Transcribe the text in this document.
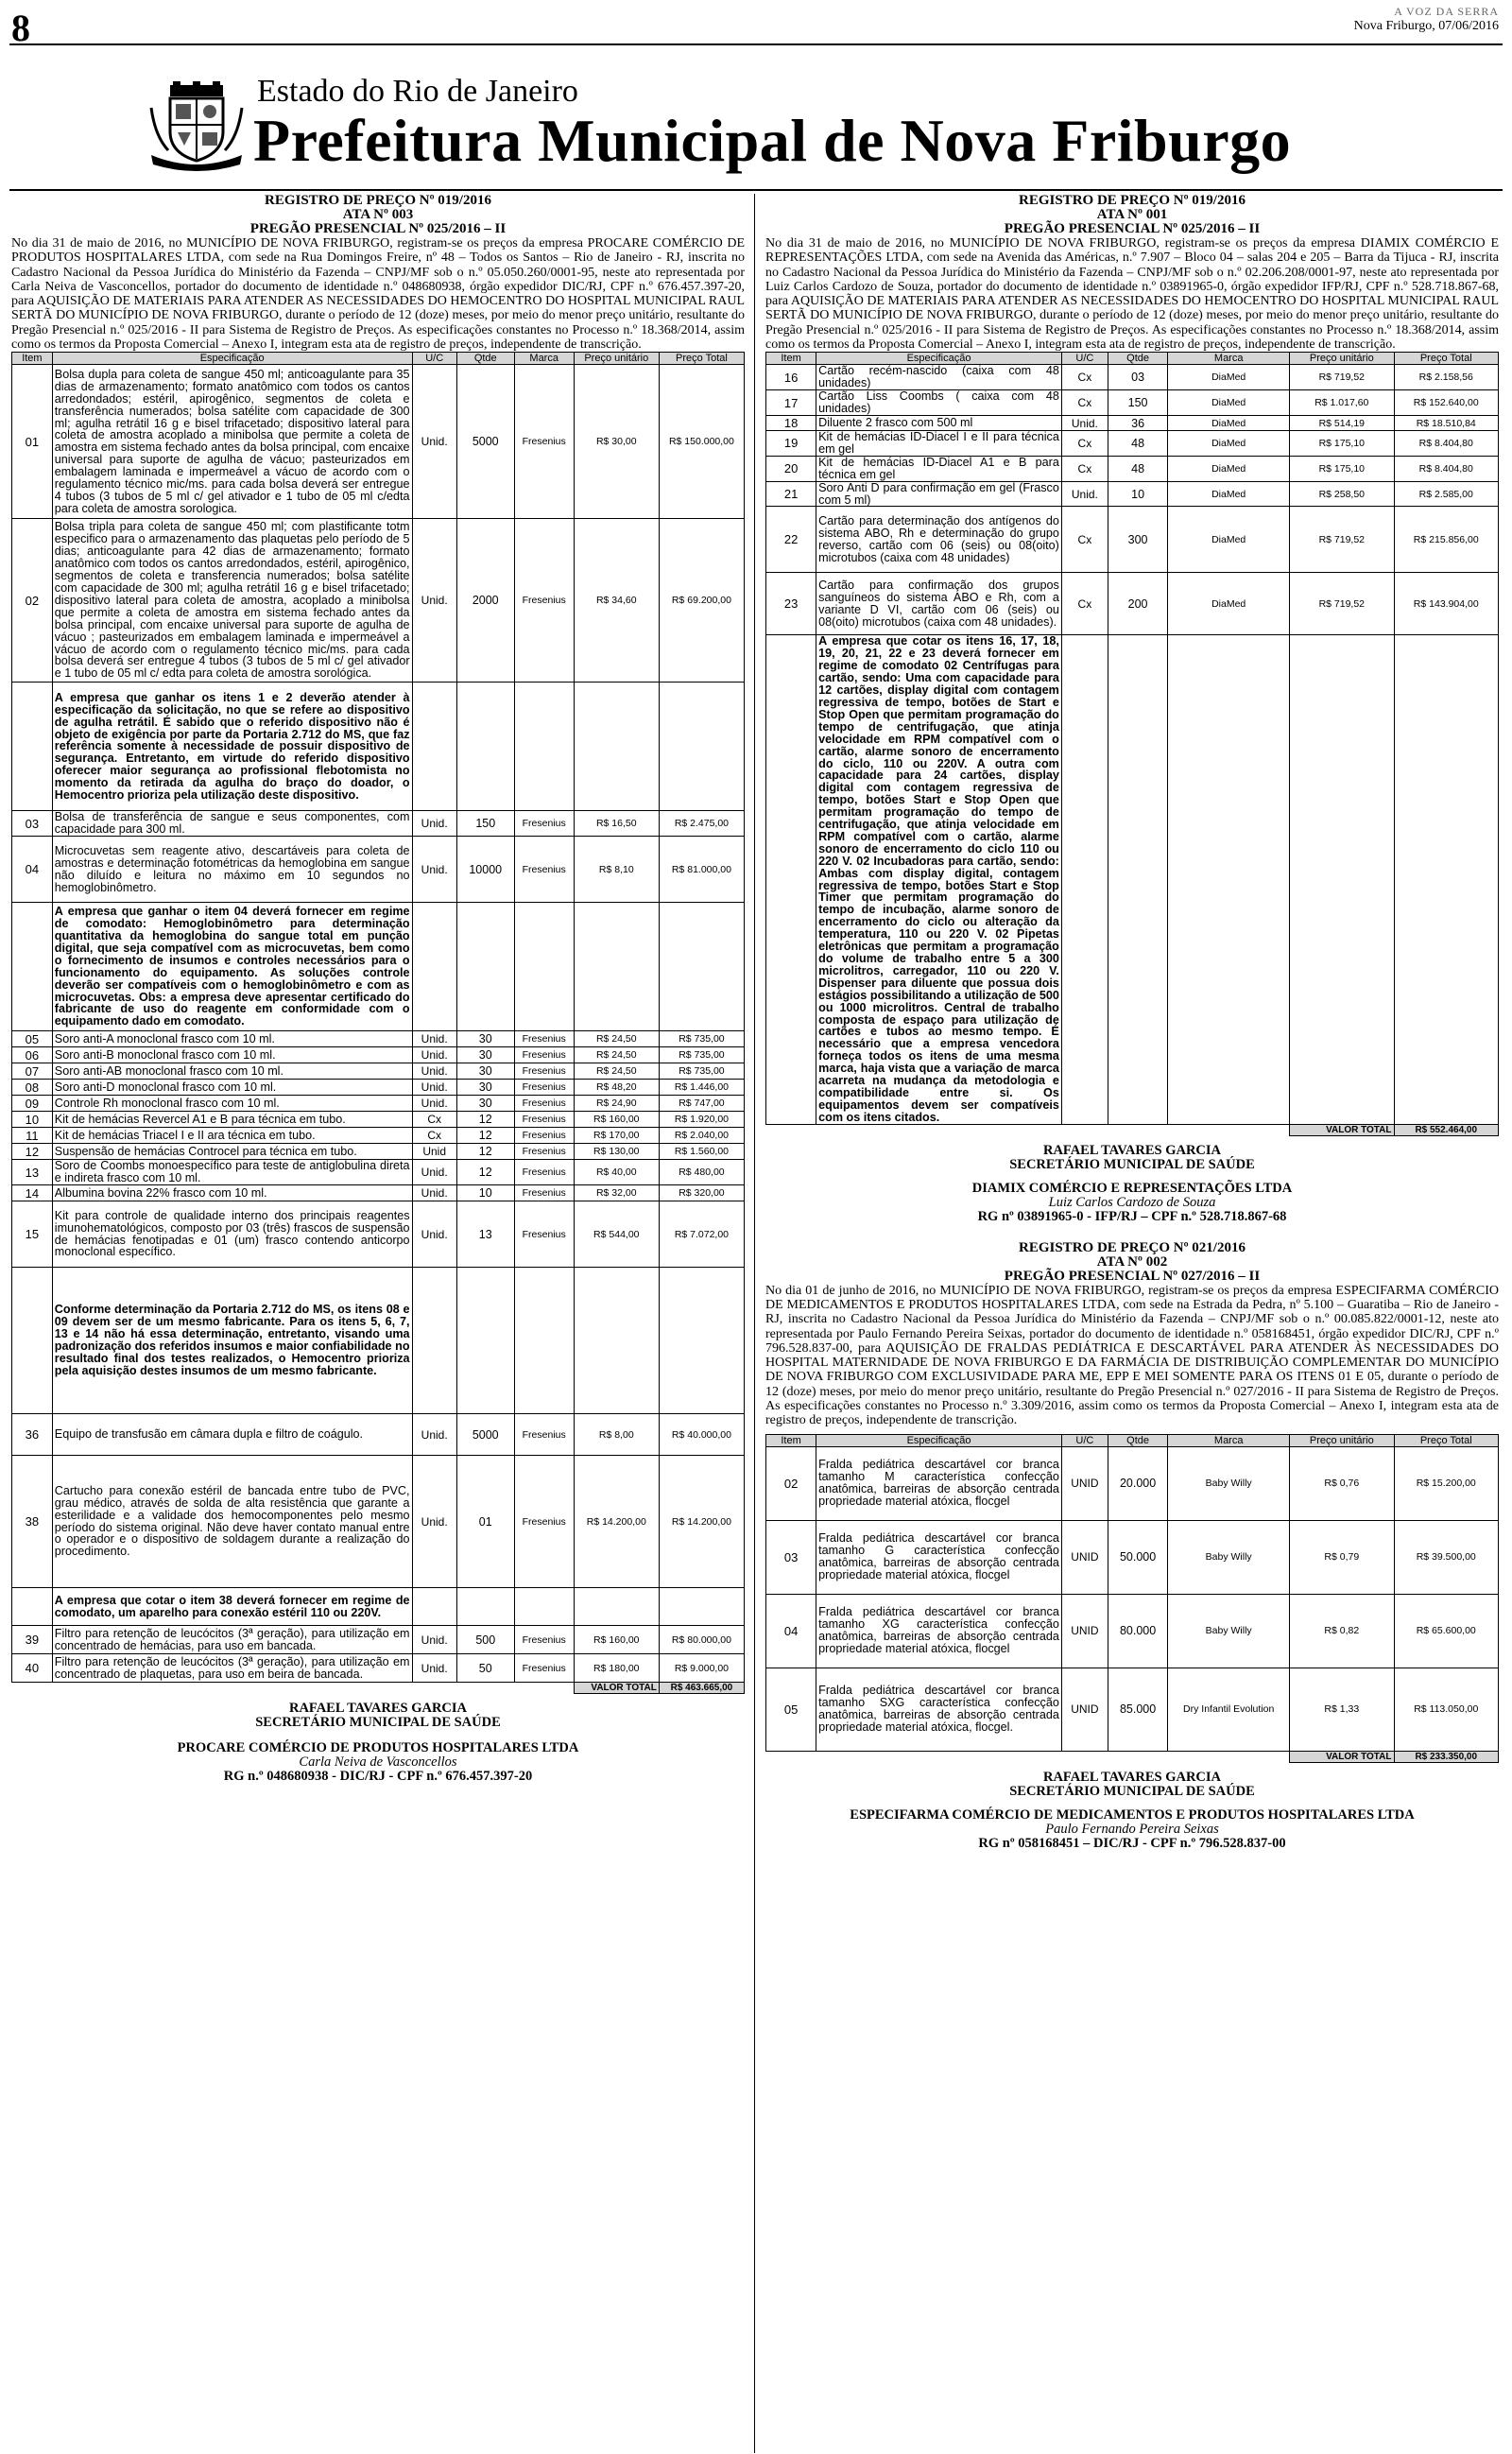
8	A VOZ DA SERRA
Nova Friburgo, 07/06/2016
Estado do Rio de Janeiro
Prefeitura Municipal de Nova Friburgo
REGISTRO DE PREÇO Nº 019/2016
ATA Nº 003
PREGÃO PRESENCIAL Nº 025/2016 – II
No dia 31 de maio de 2016, no MUNICÍPIO DE NOVA FRIBURGO, registram-se os preços da empresa PROCARE COMÉRCIO DE PRODUTOS HOSPITALARES LTDA, com sede na Rua Domingos Freire, nº 48 – Todos os Santos – Rio de Janeiro - RJ, inscrita no Cadastro Nacional da Pessoa Jurídica do Ministério da Fazenda – CNPJ/MF sob o n.º 05.050.260/0001-95, neste ato representada por Carla Neiva de Vasconcellos, portador do documento de identidade n.º 048680938, órgão expedidor DIC/RJ, CPF n.º 676.457.397-20, para AQUISIÇÃO DE MATERIAIS PARA ATENDER AS NECESSIDADES DO HEMOCENTRO DO HOSPITAL MUNICIPAL RAUL SERTÃ DO MUNICÍPIO DE NOVA FRIBURGO, durante o período de 12 (doze) meses, por meio do menor preço unitário, resultante do Pregão Presencial n.º 025/2016 - II para Sistema de Registro de Preços. As especificações constantes no Processo n.º 18.368/2014, assim como os termos da Proposta Comercial – Anexo I, integram esta ata de registro de preços, independente de transcrição.
Item	Especificação	U/C	Qtde	Marca	Preço unitário	Preço Total
01	Bolsa dupla para coleta de sangue 450 ml; anticoagulante para 35 dias de armazenamento; formato anatômico com todos os cantos arredondados; estéril, apirogênico, segmentos de coleta e transferência numerados; bolsa satélite com capacidade de 300 ml; agulha retrátil 16 g e bisel trifacetado; dispositivo lateral para coleta de amostra acoplado a minibolsa que permite a coleta de amostra em sistema fechado antes da bolsa principal, com encaixe universal para suporte de agulha de vácuo; pasteurizados em embalagem laminada e impermeável a vácuo de acordo com o regulamento técnico mic/ms. para cada bolsa deverá ser entregue 4 tubos (3 tubos de 5 ml c/ gel ativador e 1 tubo de 05 ml c/edta para coleta de amostra sorologica.	Unid.	5000	Fresenius	R$ 30,00	R$ 150.000,00
02	Bolsa tripla para coleta de sangue 450 ml; com plastificante totm especifico para o armazenamento das plaquetas pelo período de 5 dias; anticoagulante para 42 dias de armazenamento; formato anatômico com todos os cantos arredondados, estéril, apirogênico, segmentos de coleta e transferencia numerados; bolsa satélite com capacidade de 300 ml; agulha retrátil 16 g e bisel trifacetado; dispositivo lateral para coleta de amostra, acoplado a minibolsa que permite a coleta de amostra em sistema fechado antes da bolsa principal, com encaixe universal para suporte de agulha de vácuo ; pasteurizados em embalagem laminada e impermeável a vácuo de acordo com o regulamento técnico mic/ms. para cada bolsa deverá ser entregue 4 tubos (3 tubos de 5 ml c/ gel ativador e 1 tubo de 05 ml c/ edta para coleta de amostra sorológica.	Unid.	2000	Fresenius	R$ 34,60	R$ 69.200,00
	A empresa que ganhar os itens 1 e 2 deverão atender à especificação da solicitação, no que se refere ao dispositivo de agulha retrátil. É sabido que o referido dispositivo não é objeto de exigência por parte da Portaria 2.712 do MS, que faz referência somente à necessidade de possuir dispositivo de segurança. Entretanto, em virtude do referido dispositivo oferecer maior segurança ao profissional flebotomista no momento da retirada da agulha do braço do doador, o Hemocentro prioriza pela utilização deste dispositivo.					
03	Bolsa de transferência de sangue e seus componentes, com capacidade para 300 ml.	Unid.	150	Fresenius	R$ 16,50	R$ 2.475,00
04	Microcuvetas sem reagente ativo, descartáveis para coleta de amostras e determinação fotométricas da hemoglobina em sangue não diluído e leitura no máximo em 10 segundos no hemoglobinômetro.	Unid.	10000	Fresenius	R$ 8,10	R$ 81.000,00
	A empresa que ganhar o item 04 deverá fornecer em regime de comodato: Hemoglobinômetro para determinação quantitativa da hemoglobina do sangue total em punção digital, que seja compatível com as microcuvetas, bem como o fornecimento de insumos e controles necessários para o funcionamento do equipamento. As soluções controle deverão ser compatíveis com o hemoglobinômetro e com as microcuvetas. Obs: a empresa deve apresentar certificado do fabricante de uso do reagente em conformidade com o equipamento dado em comodato.					
05	Soro anti-A monoclonal frasco com 10 ml.	Unid.	30	Fresenius	R$ 24,50	R$ 735,00
06	Soro anti-B monoclonal frasco com 10 ml.	Unid.	30	Fresenius	R$ 24,50	R$ 735,00
07	Soro anti-AB monoclonal frasco com 10 ml.	Unid.	30	Fresenius	R$ 24,50	R$ 735,00
08	Soro anti-D monoclonal frasco com 10 ml.	Unid.	30	Fresenius	R$ 48,20	R$ 1.446,00
09	Controle Rh monoclonal frasco com 10 ml.	Unid.	30	Fresenius	R$ 24,90	R$ 747,00
10	Kit de hemácias Revercel A1 e B para técnica em tubo.	Cx	12	Fresenius	R$ 160,00	R$ 1.920,00
11	Kit de hemácias Triacel I e II ara técnica em tubo.	Cx	12	Fresenius	R$ 170,00	R$ 2.040,00
12	Suspensão de hemácias Controcel para técnica em tubo.	Unid	12	Fresenius	R$ 130,00	R$ 1.560,00
13	Soro de Coombs monoespecífico para teste de antiglobulina direta e indireta frasco com 10 ml.	Unid.	12	Fresenius	R$ 40,00	R$ 480,00
14	Albumina bovina 22% frasco com 10 ml.	Unid.	10	Fresenius	R$ 32,00	R$ 320,00
15	Kit para controle de qualidade interno dos principais reagentes imunohematológicos, composto por 03 (três) frascos de suspensão de hemácias fenotipadas e 01 (um) frasco contendo anticorpo monoclonal específico.	Unid.	13	Fresenius	R$ 544,00	R$ 7.072,00
	Conforme determinação da Portaria 2.712 do MS, os itens 08 e 09 devem ser de um mesmo fabricante. Para os itens 5, 6, 7, 13 e 14 não há essa determinação, entretanto, visando uma padronização dos referidos insumos e maior confiabilidade no resultado final dos testes realizados, o Hemocentro prioriza pela aquisição destes insumos de um mesmo fabricante.					
36	Equipo de transfusão em câmara dupla e filtro de coágulo.	Unid.	5000	Fresenius	R$ 8,00	R$ 40.000,00
38	Cartucho para conexão estéril de bancada entre tubo de PVC, grau médico, através de solda de alta resistência que garante a esterilidade e a validade dos hemocomponentes pelo mesmo período do sistema original. Não deve haver contato manual entre o operador e o dispositivo de soldagem durante a realização do procedimento.	Unid.	01	Fresenius	R$ 14.200,00	R$ 14.200,00
	A empresa que cotar o item 38 deverá fornecer em regime de comodato, um aparelho para conexão estéril 110 ou 220V.					
39	Filtro para retenção de leucócitos (3ª geração), para utilização em concentrado de hemácias, para uso em bancada.	Unid.	500	Fresenius	R$ 160,00	R$ 80.000,00
40	Filtro para retenção de leucócitos (3ª geração), para utilização em concentrado de plaquetas, para uso em beira de bancada.	Unid.	50	Fresenius	R$ 180,00	R$ 9.000,00
					VALOR TOTAL	R$ 463.665,00
RAFAEL TAVARES GARCIA
SECRETÁRIO MUNICIPAL DE SAÚDE
PROCARE COMÉRCIO DE PRODUTOS HOSPITALARES LTDA
Carla Neiva de Vasconcellos
RG n.º 048680938 - DIC/RJ - CPF n.º 676.457.397-20
REGISTRO DE PREÇO Nº 019/2016
ATA Nº 001
PREGÃO PRESENCIAL Nº 025/2016 – II
No dia 31 de maio de 2016, no MUNICÍPIO DE NOVA FRIBURGO, registram-se os preços da empresa DIAMIX COMÉRCIO E REPRESENTAÇÕES LTDA, com sede na Avenida das Américas, n.º 7.907 – Bloco 04 – salas 204 e 205 – Barra da Tijuca - RJ, inscrita no Cadastro Nacional da Pessoa Jurídica do Ministério da Fazenda – CNPJ/MF sob o n.º 02.206.208/0001-97, neste ato representada por Luiz Carlos Cardozo de Souza, portador do documento de identidade n.º 03891965-0, órgão expedidor IFP/RJ, CPF n.º 528.718.867-68, para AQUISIÇÃO DE MATERIAIS PARA ATENDER AS NECESSIDADES DO HEMOCENTRO DO HOSPITAL MUNICIPAL RAUL SERTÃ DO MUNICÍPIO DE NOVA FRIBURGO, durante o período de 12 (doze) meses, por meio do menor preço unitário, resultante do Pregão Presencial n.º 025/2016 - II para Sistema de Registro de Preços. As especificações constantes no Processo n.º 18.368/2014, assim como os termos da Proposta Comercial – Anexo I, integram esta ata de registro de preços, independente de transcrição.
Item	Especificação	U/C	Qtde	Marca	Preço unitário	Preço Total
16	Cartão recém-nascido (caixa com 48 unidades)	Cx	03	DiaMed	R$ 719,52	R$ 2.158,56
17	Cartão Liss Coombs ( caixa com 48 unidades)	Cx	150	DiaMed	R$ 1.017,60	R$ 152.640,00
18	Diluente 2 frasco com 500 ml	Unid.	36	DiaMed	R$ 514,19	R$ 18.510,84
19	Kit de hemácias ID-Diacel I e II para técnica em gel	Cx	48	DiaMed	R$ 175,10	R$ 8.404,80
20	Kit de hemácias ID-Diacel A1 e B para técnica em gel	Cx	48	DiaMed	R$ 175,10	R$ 8.404,80
21	Soro Anti D para confirmação em gel (Frasco com 5 ml)	Unid.	10	DiaMed	R$ 258,50	R$ 2.585,00
22	Cartão para determinação dos antígenos do sistema ABO, Rh e determinação do grupo reverso, cartão com 06 (seis) ou 08(oito) microtubos (caixa com 48 unidades)	Cx	300	DiaMed	R$ 719,52	R$ 215.856,00
23	Cartão para confirmação dos grupos sanguíneos do sistema ABO e Rh, com a variante D VI, cartão com 06 (seis) ou 08(oito) microtubos (caixa com 48 unidades).	Cx	200	DiaMed	R$ 719,52	R$ 143.904,00
	A empresa que cotar os itens 16, 17, 18, 19, 20, 21, 22 e 23 deverá fornecer em regime de comodato 02 Centrífugas para cartão, sendo: Uma com capacidade para 12 cartões, display digital com contagem regressiva de tempo, botões de Start e Stop Open que permitam programação do tempo de centrifugação, que atinja velocidade em RPM compatível com o cartão, alarme sonoro de encerramento do ciclo, 110 ou 220V. A outra com capacidade para 24 cartões, display digital com contagem regressiva de tempo, botões Start e Stop Open que permitam programação do tempo de centrifugação, que atinja velocidade em RPM compatível com o cartão, alarme sonoro de encerramento do ciclo 110 ou 220 V. 02 Incubadoras para cartão, sendo: Ambas com display digital, contagem regressiva de tempo, botões Start e Stop Timer que permitam programação do tempo de incubação, alarme sonoro de encerramento do ciclo ou alteração da temperatura, 110 ou 220 V. 02 Pipetas eletrônicas que permitam a programação do volume de trabalho entre 5 a 300 microlitros, carregador, 110 ou 220 V. Dispenser para diluente que possua dois estágios possibilitando a utilização de 500 ou 1000 microlitros. Central de trabalho composta de espaço para utilização de cartões e tubos ao mesmo tempo. É necessário que a empresa vencedora forneça todos os itens de uma mesma marca, haja vista que a variação de marca acarreta na mudança da metodologia e compatibilidade entre si. Os equipamentos devem ser compatíveis com os itens citados.					
					VALOR TOTAL	R$ 552.464,00
RAFAEL TAVARES GARCIA
SECRETÁRIO MUNICIPAL DE SAÚDE
DIAMIX COMÉRCIO E REPRESENTAÇÕES LTDA
Luiz Carlos Cardozo de Souza
RG nº 03891965-0 - IFP/RJ – CPF n.º 528.718.867-68
REGISTRO DE PREÇO Nº 021/2016
ATA Nº 002
PREGÃO PRESENCIAL Nº 027/2016 – II
No dia 01 de junho de 2016, no MUNICÍPIO DE NOVA FRIBURGO, registram-se os preços da empresa ESPECIFARMA COMÉRCIO DE MEDICAMENTOS E PRODUTOS HOSPITALARES LTDA, com sede na Estrada da Pedra, nº 5.100 – Guaratiba – Rio de Janeiro - RJ, inscrita no Cadastro Nacional da Pessoa Jurídica do Ministério da Fazenda – CNPJ/MF sob o n.º 00.085.822/0001-12, neste ato representada por Paulo Fernando Pereira Seixas, portador do documento de identidade n.º 058168451, órgão expedidor DIC/RJ, CPF n.º 796.528.837-00, para AQUISIÇÃO DE FRALDAS PEDIÁTRICA E DESCARTÁVEL PARA ATENDER ÀS NECESSIDADES DO HOSPITAL MATERNIDADE DE NOVA FRIBURGO E DA FARMÁCIA DE DISTRIBUIÇÃO COMPLEMENTAR DO MUNICÍPIO DE NOVA FRIBURGO COM EXCLUSIVIDADE PARA ME, EPP E MEI SOMENTE PARA OS ITENS 01 E 05, durante o período de 12 (doze) meses, por meio do menor preço unitário, resultante do Pregão Presencial n.º 027/2016 - II para Sistema de Registro de Preços. As especificações constantes no Processo n.º 3.309/2016, assim como os termos da Proposta Comercial – Anexo I, integram esta ata de registro de preços, independente de transcrição.
Item	Especificação	U/C	Qtde	Marca	Preço unitário	Preço Total
02	Fralda pediátrica descartável cor branca tamanho M característica confecção anatômica, barreiras de absorção centrada propriedade material atóxica, flocgel	UNID	20.000	Baby Willy	R$ 0,76	R$ 15.200,00
03	Fralda pediátrica descartável cor branca tamanho G característica confecção anatômica, barreiras de absorção centrada propriedade material atóxica, flocgel	UNID	50.000	Baby Willy	R$ 0,79	R$ 39.500,00
04	Fralda pediátrica descartável cor branca tamanho XG característica confecção anatômica, barreiras de absorção centrada propriedade material atóxica, flocgel	UNID	80.000	Baby Willy	R$ 0,82	R$ 65.600,00
05	Fralda pediátrica descartável cor branca tamanho SXG característica confecção anatômica, barreiras de absorção centrada propriedade material atóxica, flocgel.	UNID	85.000	Dry Infantil Evolution	R$ 1,33	R$ 113.050,00
					VALOR TOTAL	R$ 233.350,00
RAFAEL TAVARES GARCIA
SECRETÁRIO MUNICIPAL DE SAÚDE
ESPECIFARMA COMÉRCIO DE MEDICAMENTOS E PRODUTOS HOSPITALARES LTDA
Paulo Fernando Pereira Seixas
RG nº 058168451 – DIC/RJ - CPF n.º 796.528.837-00
